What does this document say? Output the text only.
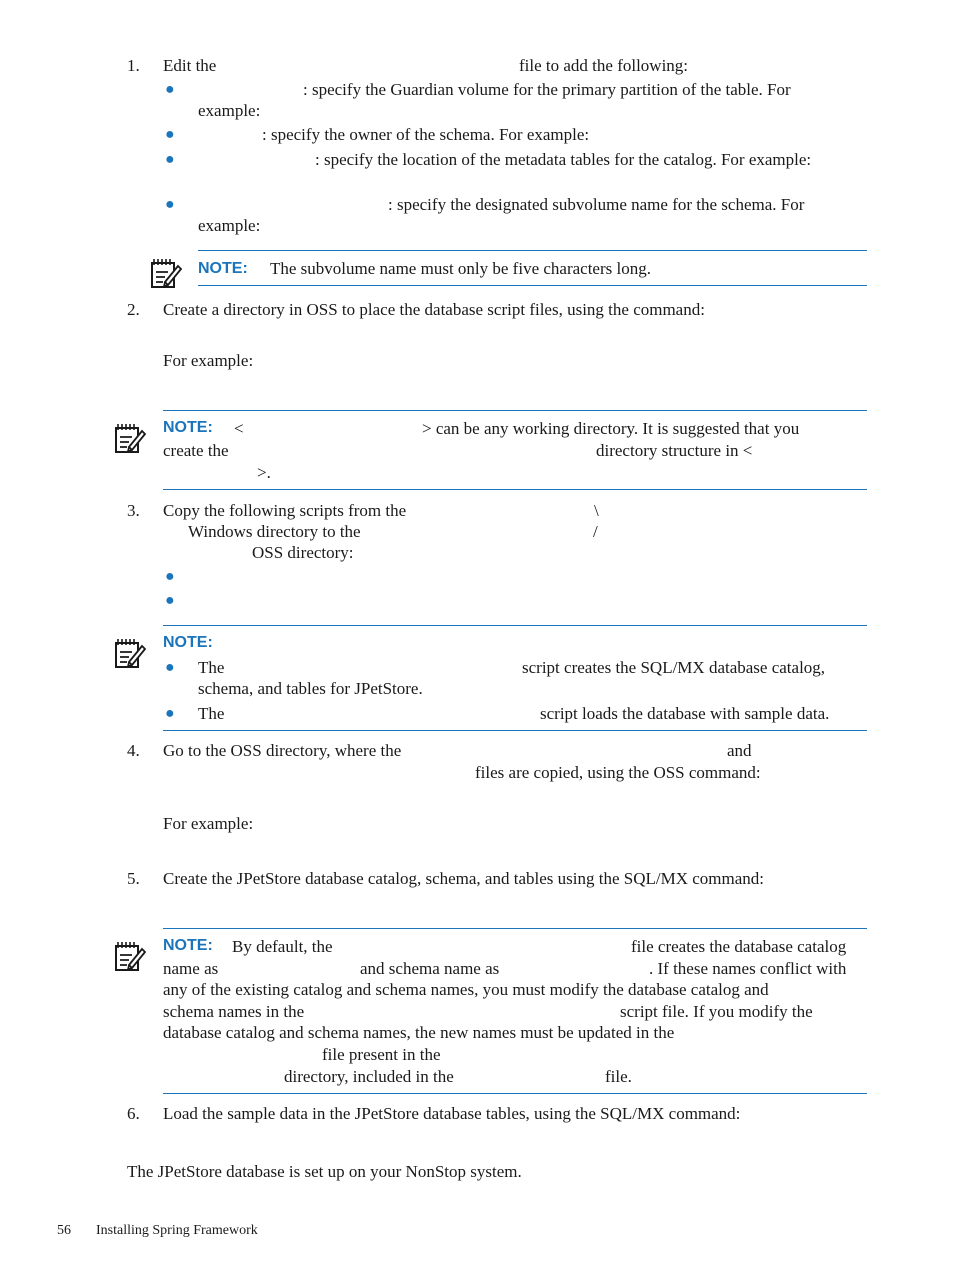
1. Edit the	file to add the following:
●	: specify the Guardian volume for the primary partition of the table. For
example:
●	: specify the owner of the schema. For example:
●	: specify the location of the metadata tables for the catalog. For example:
●	: specify the designated subvolume name for the schema. For
example:
NOTE: The subvolume name must only be five characters long.
2. Create a directory in OSS to place the database script files, using the command:
For example:
NOTE: <	> can be any working directory. It is suggested that you
create the	directory structure in <
>.
3. Copy the following scripts from the	\
Windows directory to the	/
OSS directory:
●
●
NOTE:
● The	script creates the SQL/MX database catalog,
schema, and tables for JPetStore.
● The	script loads the database with sample data.
4. Go to the OSS directory, where the	and
files are copied, using the OSS command:
For example:
5. Create the JPetStore database catalog, schema, and tables using the SQL/MX command:
NOTE: By default, the	file creates the database catalog
name as	and schema name as	. If these names conflict with
any of the existing catalog and schema names, you must modify the database catalog and
schema names in the	script file. If you modify the
database catalog and schema names, the new names must be updated in the
file present in the
directory, included in the	file.
6. Load the sample data in the JPetStore database tables, using the SQL/MX command:
The JPetStore database is set up on your NonStop system.
56 Installing Spring Framework
